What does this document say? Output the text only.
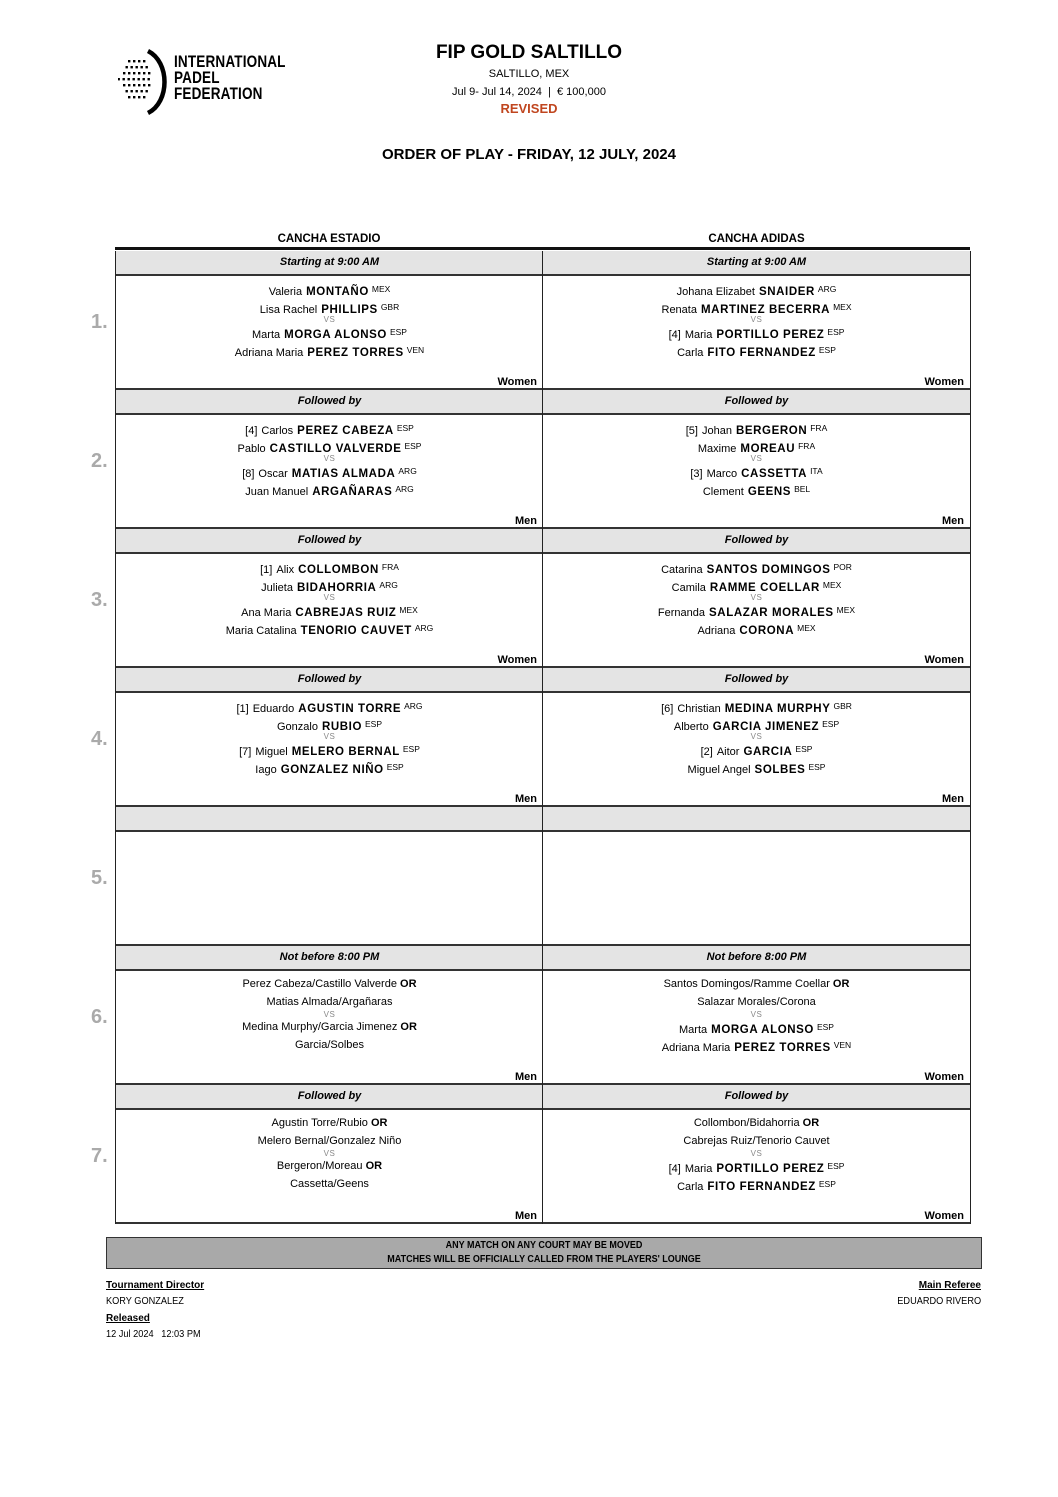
INTERNATIONAL
PADEL
FEDERATION
FIP GOLD SALTILLO
SALTILLO, MEX
Jul 9- Jul 14, 2024  |  € 100,000
REVISED
ORDER OF PLAY - FRIDAY, 12 JULY, 2024
CANCHA ESTADIO	CANCHA ADIDAS
1.
Starting at 9:00 AM
Valeria MONTAÑO $^{MEX}$
Lisa Rachel PHILLIPS $^{GBR}$
VS
Marta MORGA ALONSO $^{ESP}$
Adriana Maria PEREZ TORRES $^{VEN}$
Women
Starting at 9:00 AM
Johana Elizabet SNAIDER $^{ARG}$
Renata MARTINEZ BECERRA $^{MEX}$
VS
[4] Maria PORTILLO PEREZ $^{ESP}$
Carla FITO FERNANDEZ $^{ESP}$
Women
2.
Followed by
[4] Carlos PEREZ CABEZA $^{ESP}$
Pablo CASTILLO VALVERDE $^{ESP}$
VS
[8] Oscar MATIAS ALMADA $^{ARG}$
Juan Manuel ARGAÑARAS $^{ARG}$
Men
Followed by
[5] Johan BERGERON $^{FRA}$
Maxime MOREAU $^{FRA}$
VS
[3] Marco CASSETTA $^{ITA}$
Clement GEENS $^{BEL}$
Men
3.
Followed by
[1] Alix COLLOMBON $^{FRA}$
Julieta BIDAHORRIA $^{ARG}$
VS
Ana Maria CABREJAS RUIZ $^{MEX}$
Maria Catalina TENORIO CAUVET $^{ARG}$
Women
Followed by
Catarina SANTOS DOMINGOS $^{POR}$
Camila RAMME COELLAR $^{MEX}$
VS
Fernanda SALAZAR MORALES $^{MEX}$
Adriana CORONA $^{MEX}$
Women
4.
Followed by
[1] Eduardo AGUSTIN TORRE $^{ARG}$
Gonzalo RUBIO $^{ESP}$
VS
[7] Miguel MELERO BERNAL $^{ESP}$
Iago GONZALEZ NIÑO $^{ESP}$
Men
Followed by
[6] Christian MEDINA MURPHY $^{GBR}$
Alberto GARCIA JIMENEZ $^{ESP}$
VS
[2] Aitor GARCIA $^{ESP}$
Miguel Angel SOLBES $^{ESP}$
Men
5.
6.
Not before 8:00 PM
Perez Cabeza/Castillo Valverde OR
Matias Almada/Argañaras
VS
Medina Murphy/Garcia Jimenez OR
Garcia/Solbes
Men
Not before 8:00 PM
Santos Domingos/Ramme Coellar OR
Salazar Morales/Corona
VS
Marta MORGA ALONSO $^{ESP}$
Adriana Maria PEREZ TORRES $^{VEN}$
Women
7.
Followed by
Agustin Torre/Rubio OR
Melero Bernal/Gonzalez Niño
VS
Bergeron/Moreau OR
Cassetta/Geens
Men
Followed by
Collombon/Bidahorria OR
Cabrejas Ruiz/Tenorio Cauvet
VS
[4] Maria PORTILLO PEREZ $^{ESP}$
Carla FITO FERNANDEZ $^{ESP}$
Women
ANY MATCH ON ANY COURT MAY BE MOVED
MATCHES WILL BE OFFICIALLY CALLED FROM THE PLAYERS' LOUNGE
Tournament Director
KORY GONZALEZ
Main Referee
EDUARDO RIVERO
Released
12 Jul 2024   12:03 PM
